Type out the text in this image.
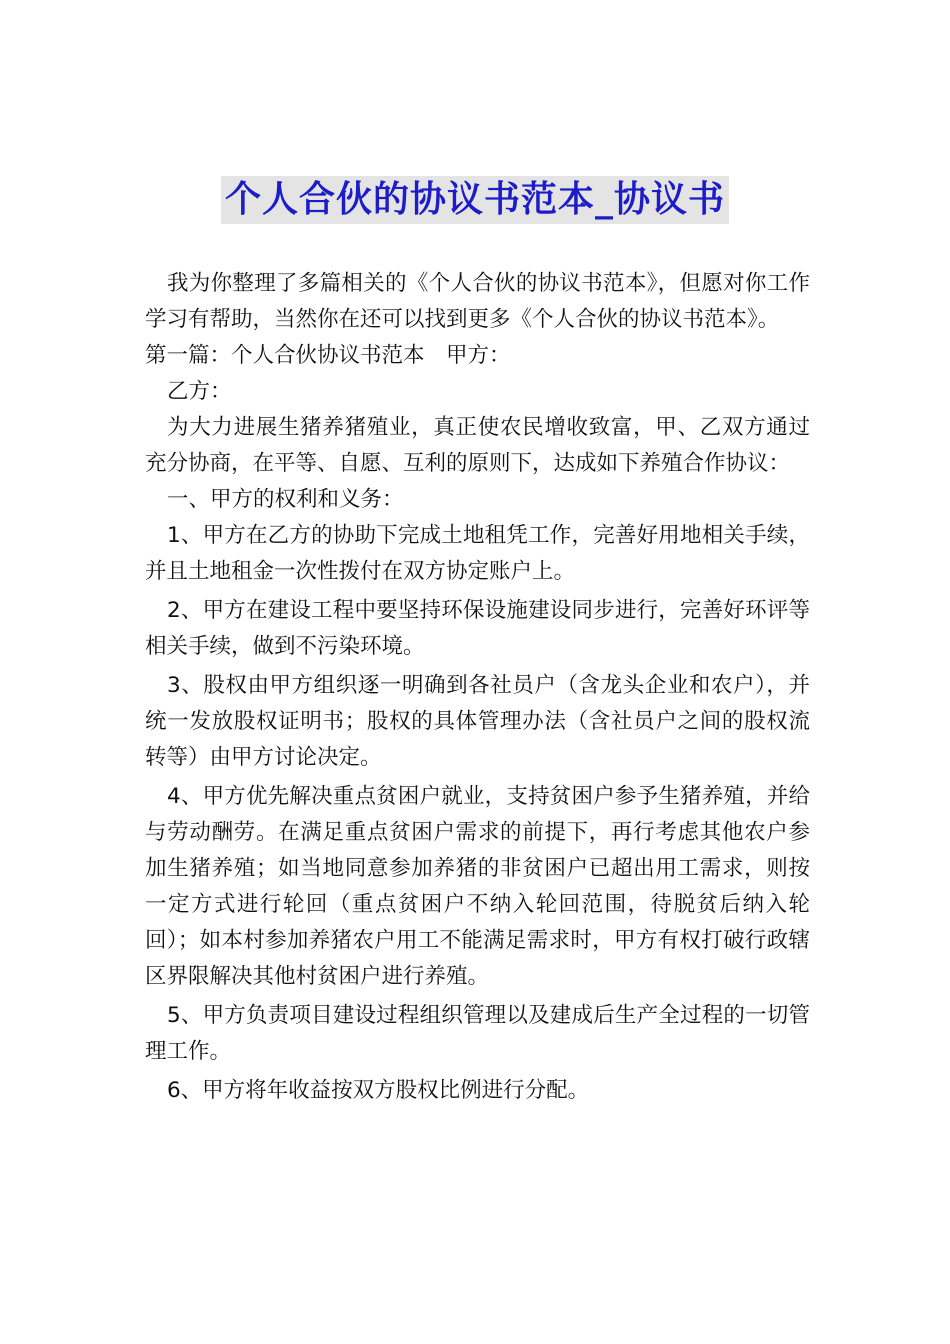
个人合伙的协议书范本_协议书

我为你整理了多篇相关的《个人合伙的协议书范本》，但愿对你工作学习有帮助，当然你在还可以找到更多《个人合伙的协议书范本》。

第一篇：个人合伙协议书范本　甲方：

乙方：

为大力进展生猪养猪殖业，真正使农民增收致富，甲、乙双方通过充分协商，在平等、自愿、互利的原则下，达成如下养殖合作协议：

一、甲方的权利和义务：

1、甲方在乙方的协助下完成土地租凭工作，完善好用地相关手续，并且土地租金一次性拨付在双方协定账户上。

2、甲方在建设工程中要坚持环保设施建设同步进行，完善好环评等相关手续，做到不污染环境。

3、股权由甲方组织逐一明确到各社员户（含龙头企业和农户），并统一发放股权证明书；股权的具体管理办法（含社员户之间的股权流转等）由甲方讨论决定。

4、甲方优先解决重点贫困户就业，支持贫困户参予生猪养殖，并给与劳动酬劳。在满足重点贫困户需求的前提下，再行考虑其他农户参加生猪养殖；如当地同意参加养猪的非贫困户已超出用工需求，则按一定方式进行轮回（重点贫困户不纳入轮回范围，待脱贫后纳入轮回）；如本村参加养猪农户用工不能满足需求时，甲方有权打破行政辖区界限解决其他村贫困户进行养殖。

5、甲方负责项目建设过程组织管理以及建成后生产全过程的一切管理工作。

6、甲方将年收益按双方股权比例进行分配。
